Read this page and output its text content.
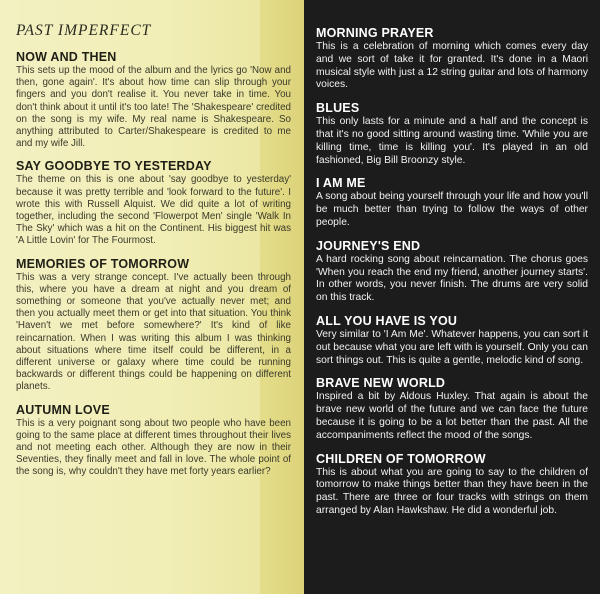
PAST IMPERFECT
NOW AND THEN

This sets up the mood of the album and the lyrics go 'Now and then, gone again'. It's about how time can slip through your fingers and you don't realise it. You never take in time. You don't think about it until it's too late! The 'Shakespeare' credited on the song is my wife. My real name is Shakespeare. So anything attributed to Carter/Shakespeare is credited to me and my wife Jill.

SAY GOODBYE TO YESTERDAY

The theme on this is one about 'say goodbye to yesterday' because it was pretty terrible and 'look forward to the future'. I wrote this with Russell Alquist. We did quite a lot of writing together, including the second 'Flowerpot Men' single 'Walk In The Sky' which was a hit on the Continent. His biggest hit was 'A Little Lovin' for The Fourmost.

MEMORIES OF TOMORROW

This was a very strange concept. I've actually been through this, where you have a dream at night and you dream of something or someone that you've actually never met; and then you actually meet them or get into that situation. You think 'Haven't we met before somewhere?' It's kind of like reincarnation. When I was writing this album I was thinking about situations where time itself could be different, in a different universe or galaxy where time could be running backwards or different things could be happening on different planets.

AUTUMN LOVE

This is a very poignant song about two people who have been going to the same place at different times throughout their lives and not meeting each other. Although they are now in their Seventies, they finally meet and fall in love. The whole point of the song is, why couldn't they have met forty years earlier?

MORNING PRAYER

This is a celebration of morning which comes every day and we sort of take it for granted. It's done in a Maori musical style with just a 12 string guitar and lots of harmony voices.

BLUES

This only lasts for a minute and a half and the concept is that it's no good sitting around wasting time. 'While you are killing time, time is killing you'. It's played in an old fashioned, Big Bill Broonzy style.

I AM ME

A song about being yourself through your life and how you'll be much better than trying to follow the ways of other people.

JOURNEY'S END

A hard rocking song about reincarnation. The chorus goes 'When you reach the end my friend, another journey starts'. In other words, you never finish. The drums are very solid on this track.

ALL YOU HAVE IS YOU

Very similar to 'I Am Me'. Whatever happens, you can sort it out because what you are left with is yourself. Only you can sort things out. This is quite a gentle, melodic kind of song.

BRAVE NEW WORLD

Inspired a bit by Aldous Huxley. That again is about the brave new world of the future and we can face the future because it is going to be a lot better than the past. All the accompaniments reflect the mood of the songs.

CHILDREN OF TOMORROW

This is about what you are going to say to the children of tomorrow to make things better than they have been in the past. There are three or four tracks with strings on them arranged by Alan Hawkshaw. He did a wonderful job.
